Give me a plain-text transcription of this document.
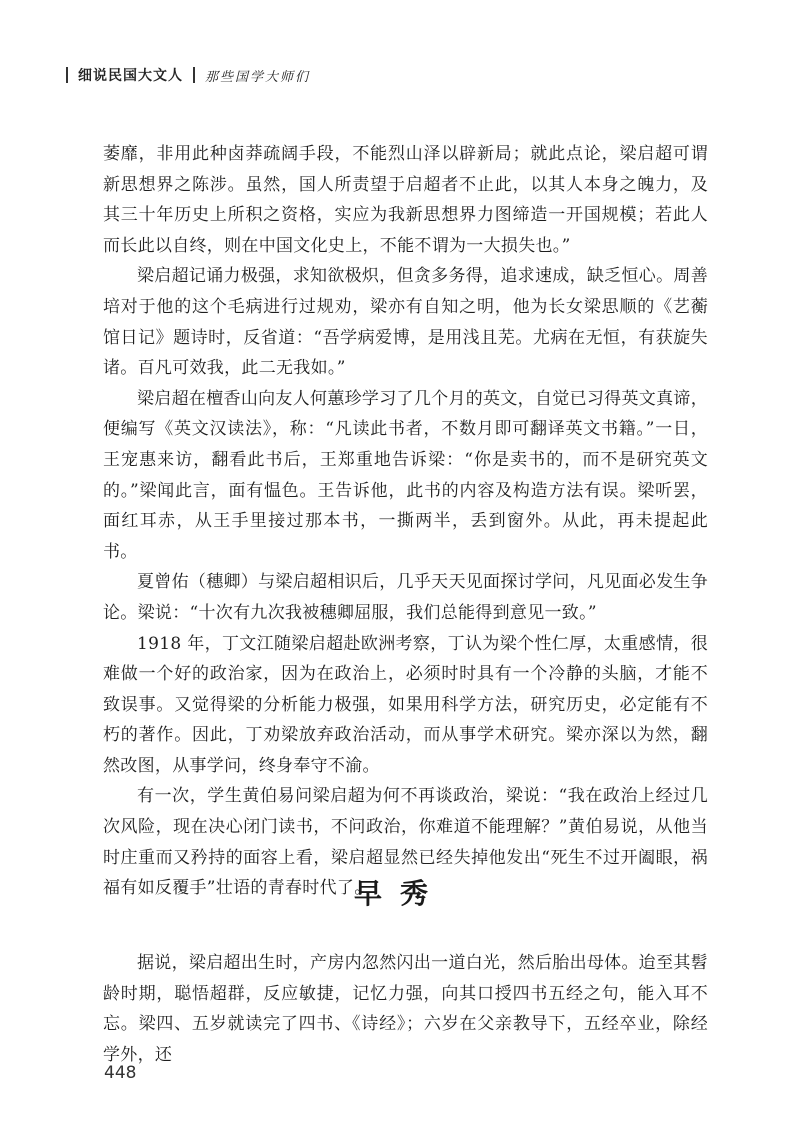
细说民国大文人 那些国学大师们

萎靡，非用此种卤莽疏阔手段，不能烈山泽以辟新局；就此点论，梁启超可谓新思想界之陈涉。虽然，国人所责望于启超者不止此，以其人本身之魄力，及其三十年历史上所积之资格，实应为我新思想界力图缔造一开国规模；若此人而长此以自终，则在中国文化史上，不能不谓为一大损失也。”

梁启超记诵力极强，求知欲极炽，但贪多务得，追求速成，缺乏恒心。周善培对于他的这个毛病进行过规劝，梁亦有自知之明，他为长女梁思顺的《艺蘅馆日记》题诗时，反省道：“吾学病爱博，是用浅且芜。尤病在无恒，有获旋失诸。百凡可效我，此二无我如。”

梁启超在檀香山向友人何蕙珍学习了几个月的英文，自觉已习得英文真谛，便编写《英文汉读法》，称：“凡读此书者，不数月即可翻译英文书籍。”一日，王宠惠来访，翻看此书后，王郑重地告诉梁：“你是卖书的，而不是研究英文的。”梁闻此言，面有愠色。王告诉他，此书的内容及构造方法有误。梁听罢，面红耳赤，从王手里接过那本书，一撕两半，丢到窗外。从此，再未提起此书。

夏曾佑（穗卿）与梁启超相识后，几乎天天见面探讨学问，凡见面必发生争论。梁说：“十次有九次我被穗卿屈服，我们总能得到意见一致。”

1918 年，丁文江随梁启超赴欧洲考察，丁认为梁个性仁厚，太重感情，很难做一个好的政治家，因为在政治上，必须时时具有一个冷静的头脑，才能不致误事。又觉得梁的分析能力极强，如果用科学方法，研究历史，必定能有不朽的著作。因此，丁劝梁放弃政治活动，而从事学术研究。梁亦深以为然，翻然改图，从事学问，终身奉守不渝。

有一次，学生黄伯易问梁启超为何不再谈政治，梁说：“我在政治上经过几次风险，现在决心闭门读书，不问政治，你难道不能理解？”黄伯易说，从他当时庄重而又矜持的面容上看，梁启超显然已经失掉他发出“死生不过开阖眼，祸福有如反覆手”壮语的青春时代了。

早秀

据说，梁启超出生时，产房内忽然闪出一道白光，然后胎出母体。迨至其髫龄时期，聪悟超群，反应敏捷，记忆力强，向其口授四书五经之句，能入耳不忘。梁四、五岁就读完了四书、《诗经》；六岁在父亲教导下，五经卒业，除经学外，还

448
